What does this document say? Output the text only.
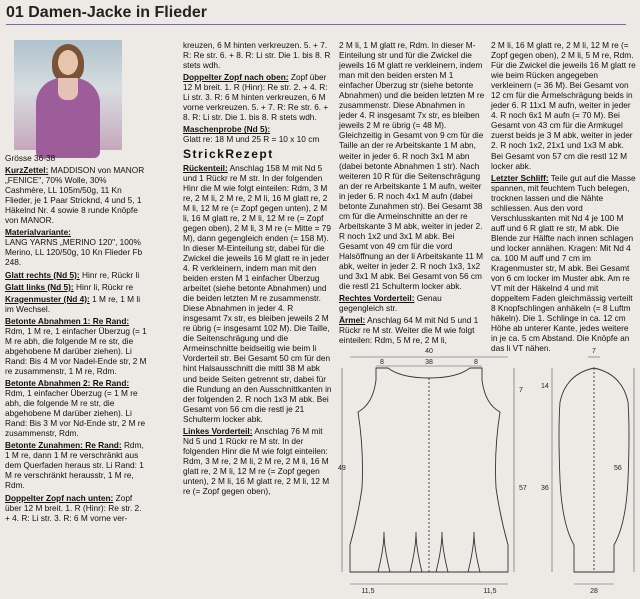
01 Damen-Jacke in Flieder

Grösse 36-38

KurzZettel: MADDISON von MANOR „FENICE", 70% Wolle, 30% Cashmère, LL 105m/50g, 11 Kn Flieder, je 1 Paar Stricknd, 4 und 5, 1 Häkelnd Nr. 4 sowie 8 runde Knöpfe von MANOR.

Materialvariante:
LANG YARNS „MERINO 120", 100% Merino, LL 120/50g, 10 Kn Flieder Fb 248.

Glatt rechts (Nd 5): Hinr re, Rückr li

Glatt links (Nd 5): Hinr li, Rückr re

Kragenmuster (Nd 4): 1 M re, 1 M li im Wechsel.

Betonte Abnahmen 1: Re Rand: Rdm, 1 M re, 1 einfacher Überzug (= 1 M re abh, die folgende M re str, die abgehobene M darüber ziehen). Li Rand: Bis 4 M vor Nadel-Ende str, 2 M re zusammenstr, 1 M re, Rdm.

Betonte Abnahmen 2: Re Rand: Rdm, 1 einfacher Überzug (= 1 M re abh, die folgende M re str, die abgehobene M darüber ziehen). Li Rand: Bis 3 M vor Nd-Ende str, 2 M re zusammenstr, Rdm.

Betonte Zunahmen: Re Rand: Rdm, 1 M re, dann 1 M re verschränkt aus dem Querfaden heraus str. Li Rand: 1 M re verschränkt herausstr, 1 M re, Rdm.

Doppelter Zopf nach unten: Zopf über 12 M breit. 1. R (Hinr): Re str. 2. + 4. R: Li str. 3. R: 6 M vorne ver-

kreuzen, 6 M hinten verkreuzen. 5. + 7. R: Re str. 6. + 8. R: Li str. Die 1. bis 8. R stets wdh.

Doppelter Zopf nach oben: Zopf über 12 M breit. 1. R (Hinr): Re str. 2. + 4. R: Li str. 3. R: 6 M hinten verkreuzen, 6 M vorne verkreuzen. 5. + 7. R: Re str. 6. + 8. R: Li str. Die 1. bis 8. R stets wdh.

Maschenprobe (Nd 5):
Glatt re: 18 M und 25 R = 10 x 10 cm

StrickRezept

Rückenteil: Anschlag 158 M mit Nd 5 und 1 Rückr re M str. In der folgenden Hinr die M wie folgt einteilen: Rdm, 3 M re, 2 M li, 2 M re, 2 M li, 16 M glatt re, 2 M li, 12 M re (= Zopf gegen unten), 2 M li, 16 M glatt re, 2 M li, 12 M re (= Zopf gegen oben), 2 M li, 3 M re (= Mitte = 79 M), dann gegengleich enden (= 158 M). In dieser M-Einteilung str, dabei für die Zwickel die jeweils 16 M glatt re in jeder 4. R verkleinern, indem man mit den beiden ersten M 1 einfacher Überzug arbeitet (siehe betonte Abnahmen) und die beiden letzten M re zusammenstr. Diese Abnahmen in jeder 4. R insgesamt 7x str, es bleiben jeweils 2 M re übrig (= insgesamt 102 M). Die Taille, die Seitenschrägung und die Armeinschnitte beidseitig wie beim li Vorderteil str. Bei Gesamt 50 cm für den hint Halsausschnitt die mittl 38 M abk und beide Seiten getrennt str, dabei für die Rundung an den Ausschnittkanten in der folgenden 2. R noch 1x3 M abk. Bei Gesamt von 56 cm die restl je 21 Schulterm locker abk.

Linkes Vorderteil: Anschlag 76 M mit Nd 5 und 1 Rückr re M str. In der folgenden Hinr die M wie folgt einteilen: Rdm, 3 M re, 2 M li, 2 M re, 2 M li, 16 M glatt re, 2 M li, 12 M re (= Zopf gegen unten), 2 M li, 16 M glatt re, 2 M li, 12 M re (= Zopf gegen oben),

2 M li, 1 M glatt re, Rdm. In dieser M-Einteilung str und für die Zwickel die jeweils 16 M glatt re verkleinern, indem man mit den beiden ersten M 1 einfacher Überzug str (siehe betonte Abnahmen) und die beiden letzten M re zusammenstr. Diese Abnahmen in jeder 4. R insgesamt 7x str, es bleiben jeweils 2 M re übrig (= 48 M). Gleichzeitig in Gesamt von 9 cm für die Taille an der re Arbeitskante 1 M abn, weiter in jeder 6. R noch 3x1 M abn (dabei betonte Abnahmen 1 str). Nach weiteren 10 R für die Seitenschrägung an der re Arbeitskante 1 M aufn, weiter in jeder 6. R noch 4x1 M aufn (dabei betonte Zunahmen str). Bei Gesamt 38 cm für die Armeinschnitte an der re Arbeitskante 3 M abk, weiter in jeder 2. R noch 1x2 und 3x1 M abk. Bei Gesamt von 49 cm für die vord Halsöffnung an der li Arbeitskante 11 M abk, weiter in jeder 2. R noch 1x3, 1x2 und 3x1 M abk. Bei Gesamt von 56 cm die restl 21 Schulterm locker abk.

Rechtes Vorderteil: Genau gegengleich str.

Ärmel: Anschlag 64 M mit Nd 5 und 1 Rückr re M str. Weiter die M wie folgt einteilen: Rdm, 5 M re, 2 M li,

2 M li, 16 M glatt re, 2 M li, 12 M re (= Zopf gegen oben), 2 M li, 5 M re, Rdm. Für die Zwickel die jeweils 16 M glatt re wie beim Rücken angegeben verkleinern (= 36 M). Bei Gesamt von 12 cm für die Ärmelschrägung beids in jeder 6. R 11x1 M aufn, weiter in jeder 4. R noch 6x1 M aufn (= 70 M). Bei Gesamt von 43 cm für die Armkugel zuerst beids je 3 M abk, weiter in jeder 2. R noch 1x2, 21x1 und 1x3 M abk. Bei Gesamt von 57 cm die restl 12 M locker abk.

Letzter Schliff: Teile gut auf die Masse spannen, mit feuchtem Tuch belegen, trocknen lassen und die Nähte schliessen. Aus den vord Verschlusskanten mit Nd 4 je 100 M auff und 6 R glatt re str, M abk. Die Blende zur Hälfte nach innen schlagen und locker annähen. Kragen: Mit Nd 4 ca. 100 M auff und 7 cm im Kragenmuster str, M abk. Bei Gesamt von 6 cm locker im Muster abk. Am re VT mit der Häkelnd 4 und mit doppeltem Faden gleichmässig verteilt 8 Knopfschlingen anhäkeln (= 8 Luftm häkeln). Die 1. Schlinge in ca. 12 cm Höhe ab unterer Kante, jedes weitere in je ca. 5 cm Abstand. Die Knöpfe an das li VT nähen.

40
8	38	8
7
49
57
11,5	11,5
7
14
36
56
28
